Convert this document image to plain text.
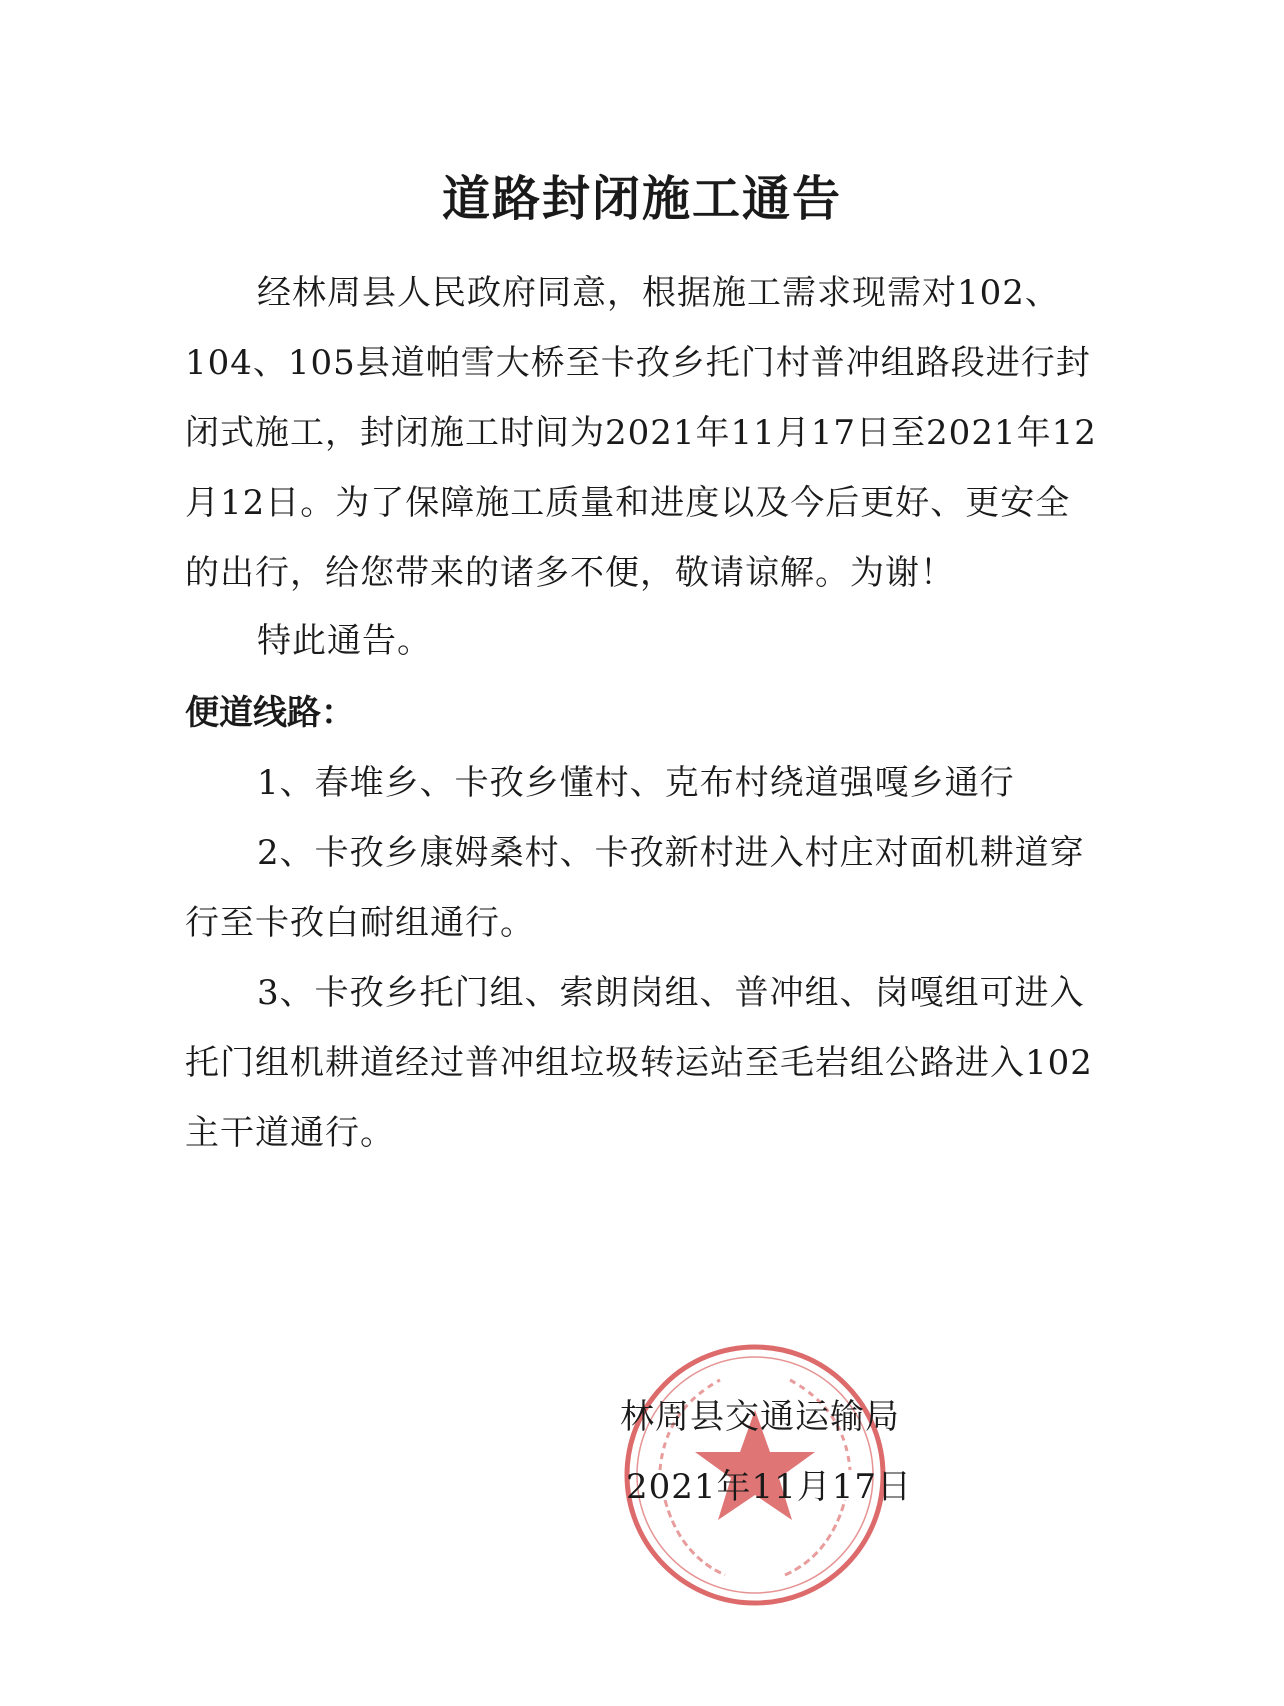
道路封闭施工通告
经林周县人民政府同意，根据施工需求现需对102、104、105县道帕雪大桥至卡孜乡托门村普冲组路段进行封闭式施工，封闭施工时间为2021年11月17日至2021年12月12日。为了保障施工质量和进度以及今后更好、更安全的出行，给您带来的诸多不便，敬请谅解。为谢！
特此通告。
便道线路：
1、春堆乡、卡孜乡懂村、克布村绕道强嘎乡通行
2、卡孜乡康姆桑村、卡孜新村进入村庄对面机耕道穿行至卡孜白耐组通行。
3、卡孜乡托门组、索朗岗组、普冲组、岗嘎组可进入托门组机耕道经过普冲组垃圾转运站至毛岩组公路进入102主干道通行。
林周县交通运输局
2021年11月17日
